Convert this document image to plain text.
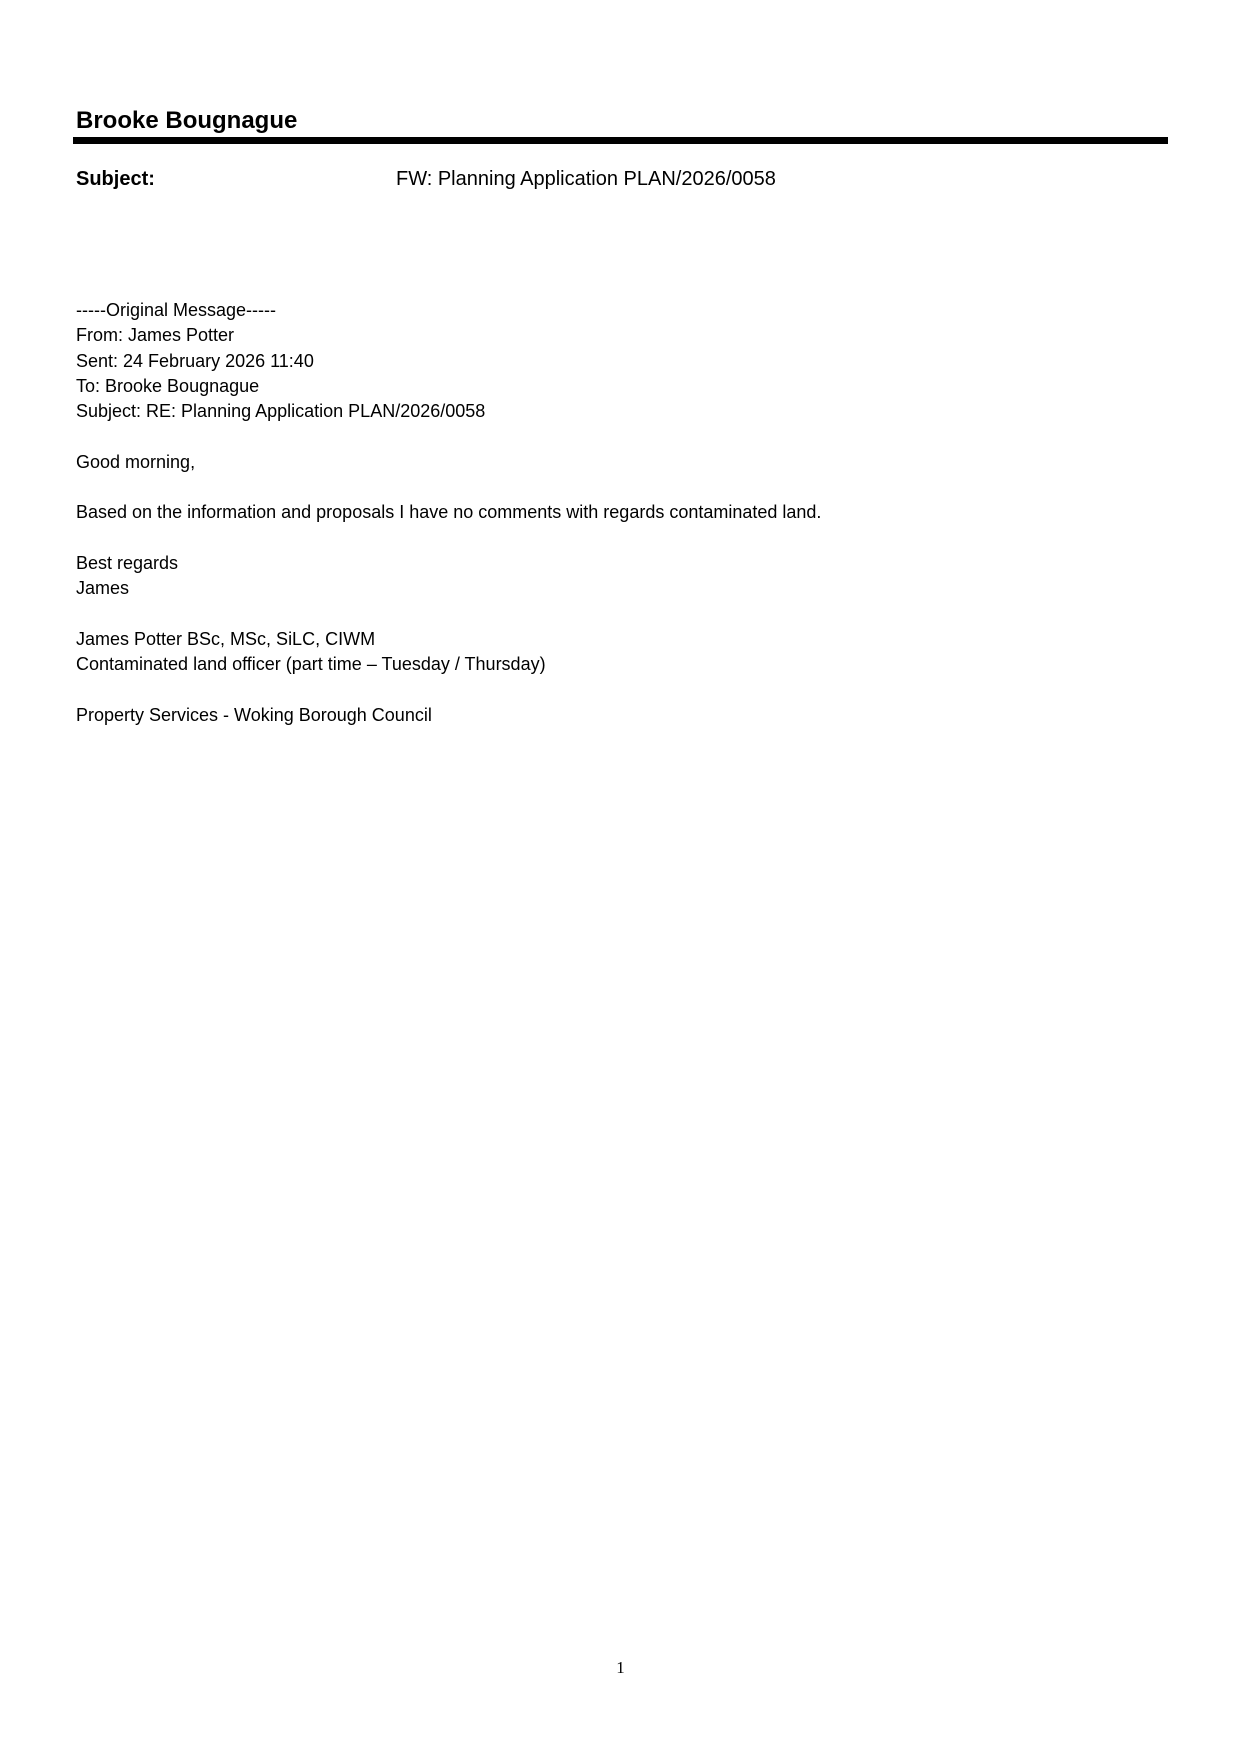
Brooke Bougnague
Subject:	FW: Planning Application PLAN/2026/0058
-----Original Message-----
From: James Potter
Sent: 24 February 2026 11:40
To: Brooke Bougnague
Subject: RE: Planning Application PLAN/2026/0058
Good morning,
Based on the information and proposals I have no comments with regards contaminated land.
Best regards
James
James Potter BSc, MSc, SiLC, CIWM
Contaminated land officer (part time – Tuesday / Thursday)
Property Services - Woking Borough Council
1
